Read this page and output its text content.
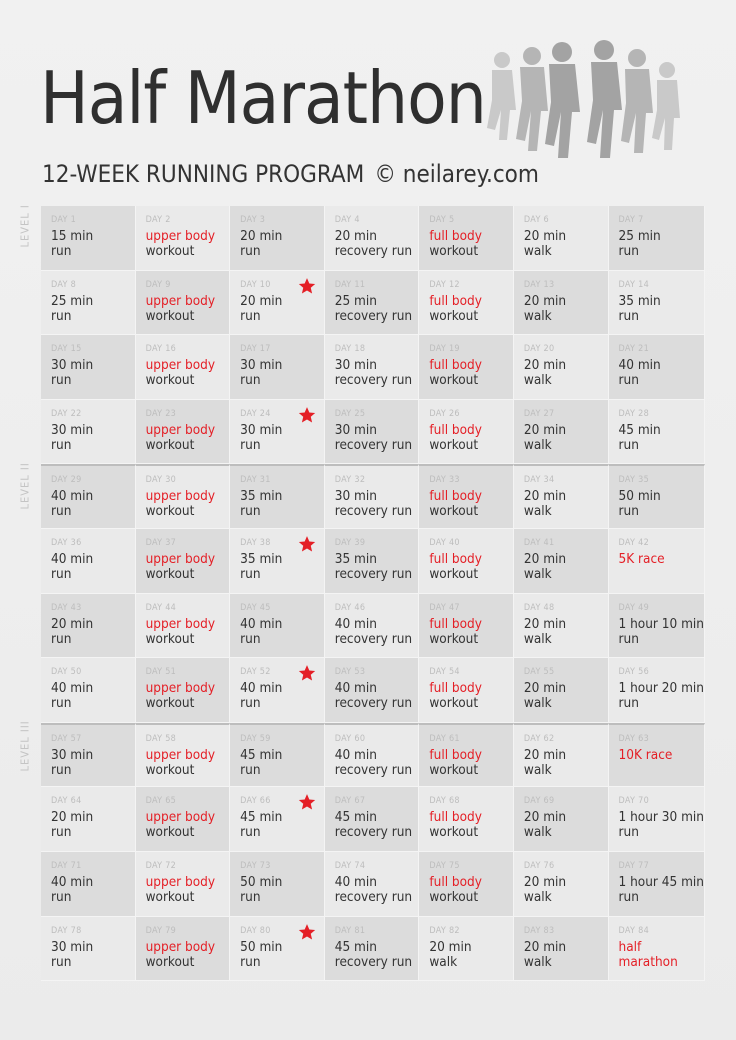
Half Marathon
12-WEEK RUNNING PROGRAM © neilarey.com
LEVEL I
LEVEL II
LEVEL III
DAY 1
15 min
run
DAY 2
upper body
workout
DAY 3
20 min
run
DAY 4
20 min
recovery run
DAY 5
full body
workout
DAY 6
20 min
walk
DAY 7
25 min
run
DAY 8
25 min
run
DAY 9
upper body
workout
DAY 10
20 min
run
DAY 11
25 min
recovery run
DAY 12
full body
workout
DAY 13
20 min
walk
DAY 14
35 min
run
DAY 15
30 min
run
DAY 16
upper body
workout
DAY 17
30 min
run
DAY 18
30 min
recovery run
DAY 19
full body
workout
DAY 20
20 min
walk
DAY 21
40 min
run
DAY 22
30 min
run
DAY 23
upper body
workout
DAY 24
30 min
run
DAY 25
30 min
recovery run
DAY 26
full body
workout
DAY 27
20 min
walk
DAY 28
45 min
run
DAY 29
40 min
run
DAY 30
upper body
workout
DAY 31
35 min
run
DAY 32
30 min
recovery run
DAY 33
full body
workout
DAY 34
20 min
walk
DAY 35
50 min
run
DAY 36
40 min
run
DAY 37
upper body
workout
DAY 38
35 min
run
DAY 39
35 min
recovery run
DAY 40
full body
workout
DAY 41
20 min
walk
DAY 42
5K race
DAY 43
20 min
run
DAY 44
upper body
workout
DAY 45
40 min
run
DAY 46
40 min
recovery run
DAY 47
full body
workout
DAY 48
20 min
walk
DAY 49
1 hour 10 min
run
DAY 50
40 min
run
DAY 51
upper body
workout
DAY 52
40 min
run
DAY 53
40 min
recovery run
DAY 54
full body
workout
DAY 55
20 min
walk
DAY 56
1 hour 20 min
run
DAY 57
30 min
run
DAY 58
upper body
workout
DAY 59
45 min
run
DAY 60
40 min
recovery run
DAY 61
full body
workout
DAY 62
20 min
walk
DAY 63
10K race
DAY 64
20 min
run
DAY 65
upper body
workout
DAY 66
45 min
run
DAY 67
45 min
recovery run
DAY 68
full body
workout
DAY 69
20 min
walk
DAY 70
1 hour 30 min
run
DAY 71
40 min
run
DAY 72
upper body
workout
DAY 73
50 min
run
DAY 74
40 min
recovery run
DAY 75
full body
workout
DAY 76
20 min
walk
DAY 77
1 hour 45 min
run
DAY 78
30 min
run
DAY 79
upper body
workout
DAY 80
50 min
run
DAY 81
45 min
recovery run
DAY 82
20 min
walk
DAY 83
20 min
walk
DAY 84
half
marathon
